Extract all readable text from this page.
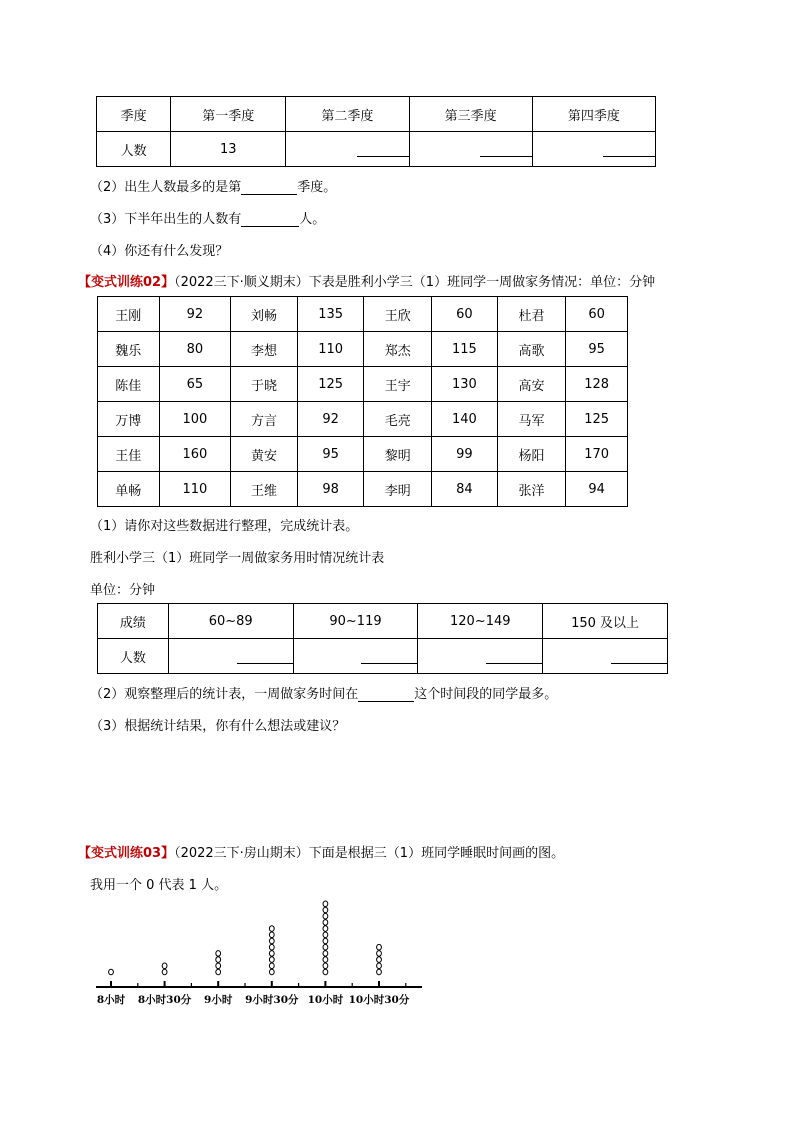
季度	第一季度	第二季度	第三季度	第四季度
人数	13			
（2）出生人数最多的是第	季度。
（3）下半年出生的人数有	人。
（4）你还有什么发现？
【变式训练02】（2022三下·顺义期末）下表是胜利小学三（1）班同学一周做家务情况：单位：分钟
王刚	92	刘畅	135	王欣	60	杜君	60
魏乐	80	李想	110	郑杰	115	高歌	95
陈佳	65	于晓	125	王宇	130	高安	128
万博	100	方言	92	毛亮	140	马军	125
王佳	160	黄安	95	黎明	99	杨阳	170
单畅	110	王维	98	李明	84	张洋	94
（1）请你对这些数据进行整理，完成统计表。
胜利小学三（1）班同学一周做家务用时情况统计表
单位：分钟
成绩	60~89	90~119	120~149	150 及以上
人数				
（2）观察整理后的统计表，一周做家务时间在	这个时间段的同学最多。
（3）根据统计结果，你有什么想法或建议？
【变式训练03】（2022三下·房山期末）下面是根据三（1）班同学睡眠时间画的图。
我用一个 0 代表 1 人。
8小时 8小时30分 9小时 9小时30分 10小时 10小时30分
